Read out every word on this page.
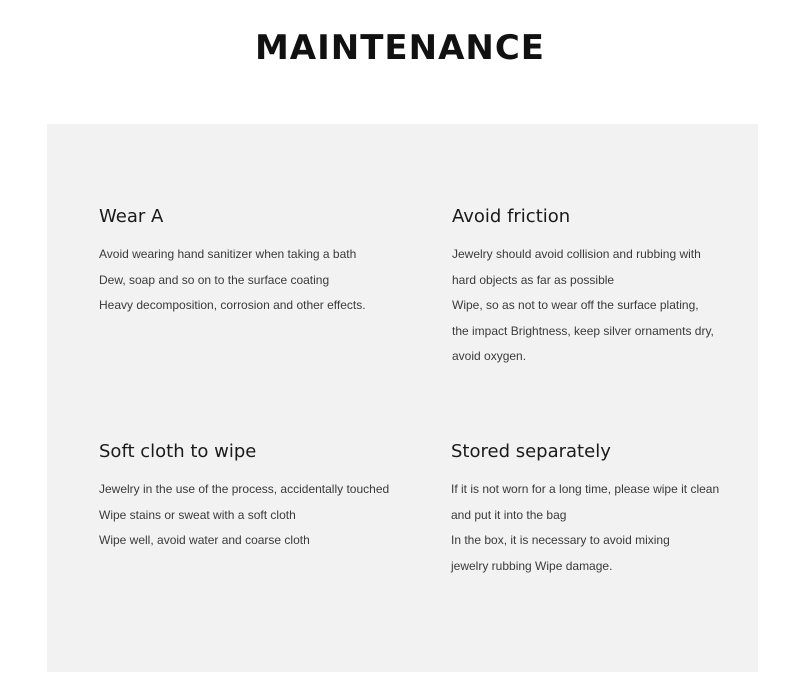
MAINTENANCE
Wear A
Avoid wearing hand sanitizer when taking a bath
Dew, soap and so on to the surface coating
Heavy decomposition, corrosion and other effects.
Avoid friction
Jewelry should avoid collision and rubbing with
hard objects as far as possible
Wipe, so as not to wear off the surface plating,
the impact Brightness, keep silver ornaments dry,
avoid oxygen.
Soft cloth to wipe
Jewelry in the use of the process, accidentally touched
Wipe stains or sweat with a soft cloth
Wipe well, avoid water and coarse cloth
Stored separately
If it is not worn for a long time, please wipe it clean
and put it into the bag
In the box, it is necessary to avoid mixing
jewelry rubbing Wipe damage.
